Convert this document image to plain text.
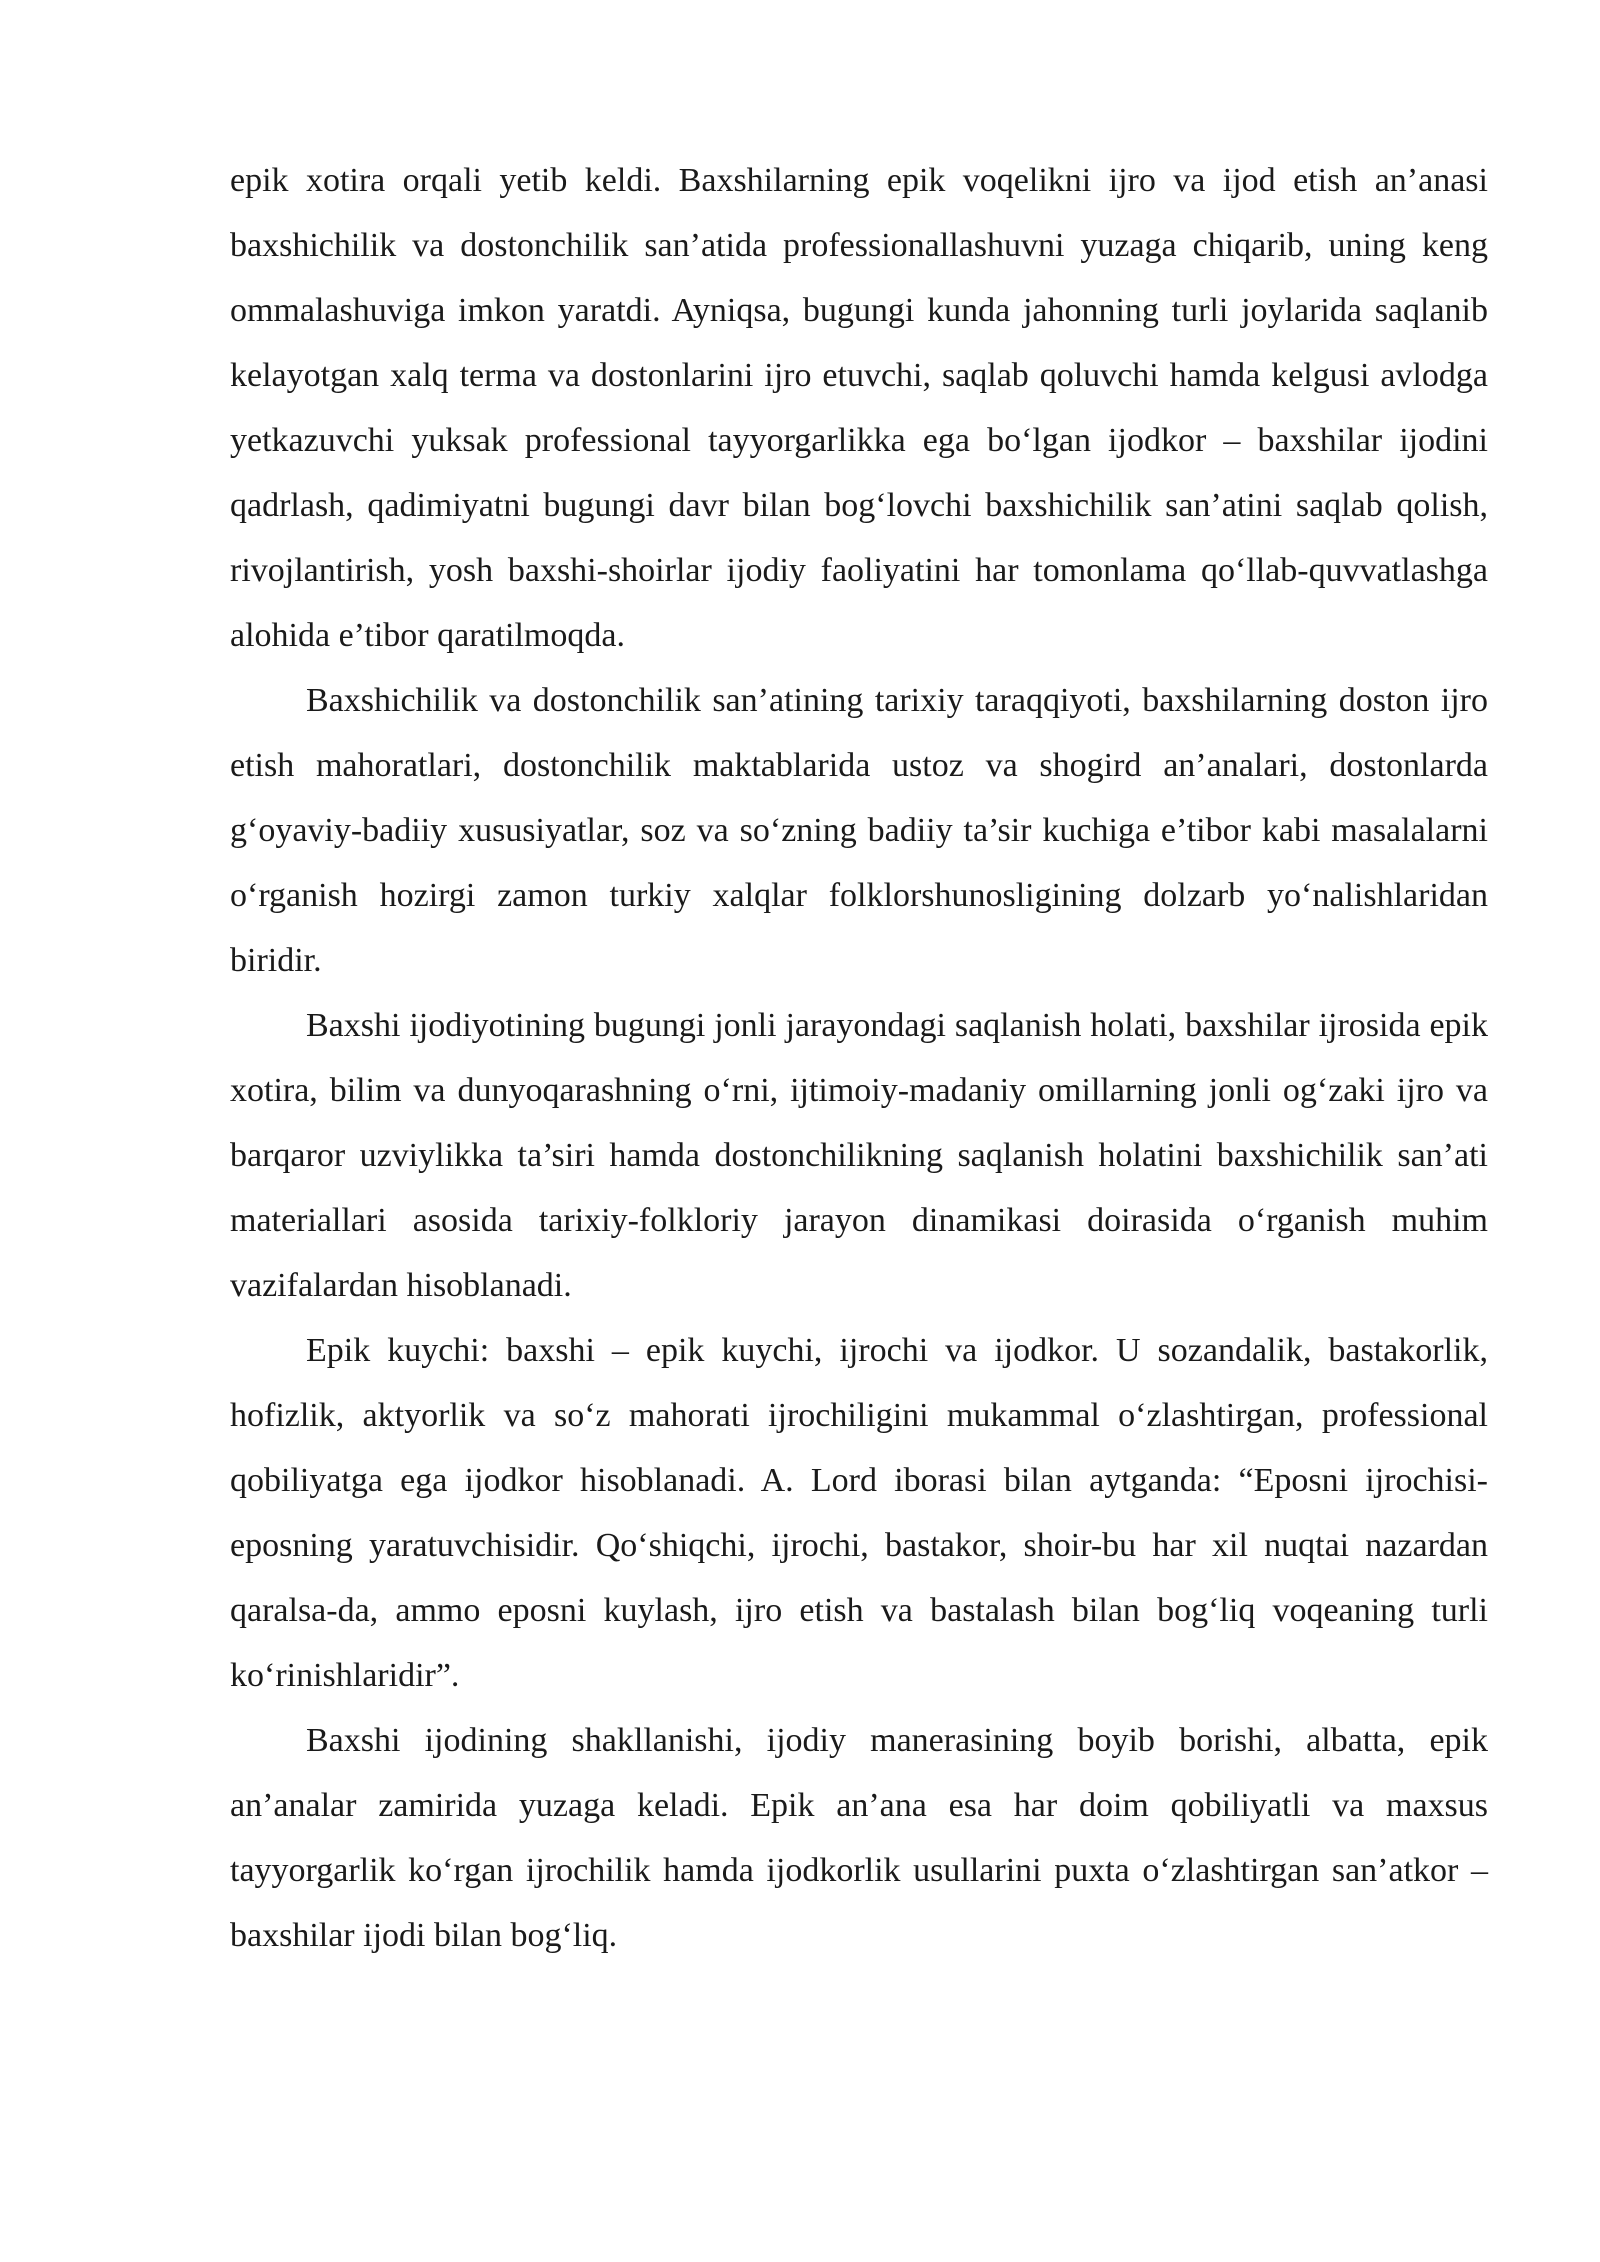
epik xotira orqali yetib keldi. Baxshilarning epik voqelikni ijro va ijod etish an’anasi baxshichilik va dostonchilik san’atida professionallashuvni yuzaga chiqarib, uning keng ommalashuviga imkon yaratdi. Ayniqsa, bugungi kunda jahonning turli joylarida saqlanib kelayotgan xalq terma va dostonlarini ijro etuvchi, saqlab qoluvchi hamda kelgusi avlodga yetkazuvchi yuksak professional tayyorgarlikka ega bo‘lgan ijodkor – baxshilar ijodini qadrlash, qadimiyatni bugungi davr bilan bog‘lovchi baxshichilik san’atini saqlab qolish, rivojlantirish, yosh baxshi-shoirlar ijodiy faoliyatini har tomonlama qo‘llab-quvvatlashga alohida e’tibor qaratilmoqda.

Baxshichilik va dostonchilik san’atining tarixiy taraqqiyoti, baxshilarning doston ijro etish mahoratlari, dostonchilik maktablarida ustoz va shogird an’analari, dostonlarda g‘oyaviy-badiiy xususiyatlar, soz va so‘zning badiiy ta’sir kuchiga e’tibor kabi masalalarni o‘rganish hozirgi zamon turkiy xalqlar folklorshunosligining dolzarb yo‘nalishlaridan biridir.

Baxshi ijodiyotining bugungi jonli jarayondagi saqlanish holati, baxshilar ijrosida epik xotira, bilim va dunyoqarashning o‘rni, ijtimoiy-madaniy omillarning jonli og‘zaki ijro va barqaror uzviylikka ta’siri hamda dostonchilikning saqlanish holatini baxshichilik san’ati materiallari asosida tarixiy-folkloriy jarayon dinamikasi doirasida o‘rganish muhim vazifalardan hisoblanadi.

Epik kuychi: baxshi – epik kuychi, ijrochi va ijodkor. U sozandalik, bastakorlik, hofizlik, aktyorlik va so‘z mahorati ijrochiligini mukammal o‘zlashtirgan, professional qobiliyatga ega ijodkor hisoblanadi. A. Lord iborasi bilan aytganda: “Eposni ijrochisi-eposning yaratuvchisidir. Qo‘shiqchi, ijrochi, bastakor, shoir-bu har xil nuqtai nazardan qaralsa-da, ammo eposni kuylash, ijro etish va bastalash bilan bog‘liq voqeaning turli ko‘rinishlaridir”.

Baxshi ijodining shakllanishi, ijodiy manerasining boyib borishi, albatta, epik an’analar zamirida yuzaga keladi. Epik an’ana esa har doim qobiliyatli va maxsus tayyorgarlik ko‘rgan ijrochilik hamda ijodkorlik usullarini puxta o‘zlashtirgan san’atkor – baxshilar ijodi bilan bog‘liq.
